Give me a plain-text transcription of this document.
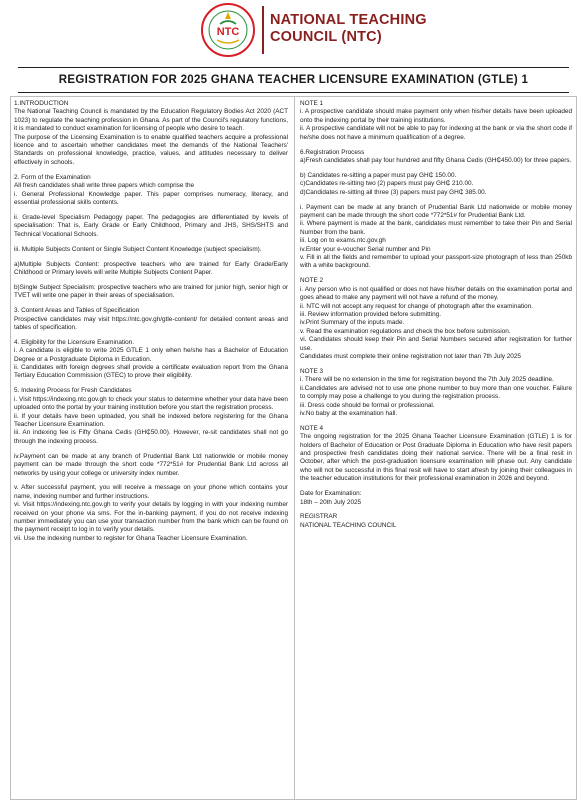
NTC
NATIONAL TEACHING
COUNCIL (NTC)
REGISTRATION FOR 2025 GHANA TEACHER LICENSURE EXAMINATION (GTLE) 1
1.INTRODUCTION
The National Teaching Council is mandated by the Education Regulatory Bodies Act 2020 (ACT 1023) to regulate the teaching profession in Ghana. As part of the Council's regulatory functions, it is mandated to conduct examination for licensing of people who desire to teach.
The purpose of the Licensing Examination is to enable qualified teachers acquire a professional licence and to ascertain whether candidates meet the demands of the National Teachers' Standards on professional knowledge, practice, values, and attitudes necessary to deliver effectively in schools.
2. Form of the Examination
All fresh candidates shall write three papers which comprise the
i. General Professional Knowledge paper. This paper comprises numeracy, literacy, and essential professional skills contents.
ii. Grade-level Specialism Pedagogy paper. The pedagogies are differentiated by levels of specialisation: That is, Early Grade or Early Childhood, Primary and JHS, SHS/SHTS and Technical Vocational Schools.
iii. Multiple Subjects Content or Single Subject Content Knowledge (subject specialism).
a)Multiple Subjects Content: prospective teachers who are trained for Early Grade/Early Childhood or Primary levels will write Multiple Subjects Content Paper.
b)Single Subject Specialism: prospective teachers who are trained for junior high, senior high or TVET will write one paper in their areas of specialisation.
3. Content Areas and Tables of Specification
Prospective candidates may visit https://ntc.gov.gh/gtle-content/ for detailed content areas and tables of specification.
4. Eligibility for the Licensure Examination.
i. A candidate is eligible to write 2025 GTLE 1 only when he/she has a Bachelor of Education Degree or a Postgraduate Diploma in Education.
ii. Candidates with foreign degrees shall provide a certificate evaluation report from the Ghana Tertiary Education Commission (GTEC) to prove their eligibility.
5. Indexing Process for Fresh Candidates
i. Visit https://indexing.ntc.gov.gh to check your status to determine whether your data have been uploaded onto the portal by your training institution before you start the registration process.
ii. If your details have been uploaded, you shall be indexed before registering for the Ghana Teacher Licensure Examination.
iii. An indexing fee is Fifty Ghana Cedis (GH₵50.00). However, re-sit candidates shall not go through the indexing process.
iv.Payment can be made at any branch of Prudential Bank Ltd nationwide or mobile money payment can be made through the short code *772*51# for Prudential Bank Ltd across all networks by using your college or university index number.
v. After successful payment, you will receive a message on your phone which contains your name, indexing number and further instructions.
vi. Visit https://indexing.ntc.gov.gh to verify your details by logging in with your indexing number received on your phone via sms. For the in-banking payment, if you do not receive indexing number immediately you can use your transaction number from the bank which can be found on the payment receipt to log in to verify your details.
vii. Use the indexing number to register for Ghana Teacher Licensure Examination.
NOTE 1
i. A prospective candidate should make payment only when his/her details have been uploaded onto the indexing portal by their training institutions.
ii. A prospective candidate will not be able to pay for indexing at the bank or via the short code if he/she does not have a minimum qualification of a degree.
6.Registration Process
a)Fresh candidates shall pay four hundred and fifty Ghana Cedis (GH₵450.00) for three papers.
b) Candidates re-sitting a paper must pay GH₵ 150.00.
c)Candidates re-sitting two (2) papers must pay GH₵ 210.00.
d)Candidates re-sitting all three (3) papers must pay GH₵ 385.00.
i. Payment can be made at any branch of Prudential Bank Ltd nationwide or mobile money payment can be made through the short code *772*51# for Prudential Bank Ltd.
ii. Where payment is made at the bank, candidates must remember to take their Pin and Serial Number from the bank.
iii. Log on to exams.ntc.gov.gh
iv.Enter your e-voucher Serial number and Pin
v. Fill in all the fields and remember to upload your passport-size photograph of less than 250kb with a white background.
NOTE 2
i. Any person who is not qualified or does not have his/her details on the examination portal and goes ahead to make any payment will not have a refund of the money.
ii. NTC will not accept any request for change of photograph after the examination.
iii. Review information provided before submitting.
iv.Print Summary of the inputs made.
v. Read the examination regulations and check the box before submission.
vi. Candidates should keep their Pin and Serial Numbers secured after registration for further use.
Candidates must complete their online registration not later than 7th July 2025
NOTE 3
i. There will be no extension in the time for registration beyond the 7th July 2025 deadline.
ii.Candidates are advised not to use one phone number to buy more than one voucher. Failure to comply may pose a challenge to you during the registration process.
iii. Dress code should be formal or professional.
iv.No baby at the examination hall.
NOTE 4
The ongoing registration for the 2025 Ghana Teacher Licensure Examination (GTLE) 1 is for holders of Bachelor of Education or Post Graduate Diploma in Education who have resit papers and prospective fresh candidates doing their national service. There will be a final resit in October, after which the post-graduation licensure examination will phase out. Any candidate who will not be successful in this final resit will have to start afresh by joining their colleagues in the teacher education institutions for their professional examination in 2026 and beyond.
Date for Examination:
18th – 20th July 2025
REGISTRAR
NATIONAL TEACHING COUNCIL
